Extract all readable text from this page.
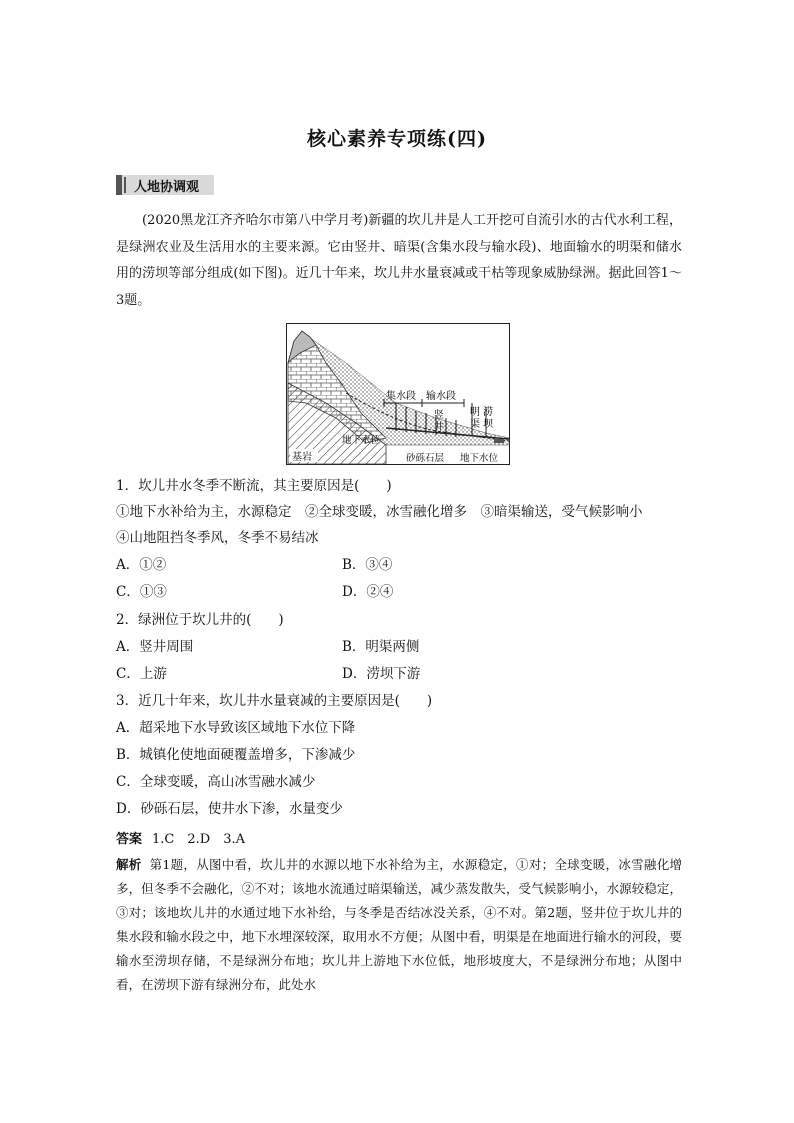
核心素养专项练(四)
人地协调观
(2020黑龙江齐齐哈尔市第八中学月考)新疆的坎儿井是人工开挖可自流引水的古代水利工程，是绿洲农业及生活用水的主要来源。它由竖井、暗渠(含集水段与输水段)、地面输水的明渠和储水用的涝坝等部分组成(如下图)。近几十年来，坎儿井水量衰减或干枯等现象威胁绿洲。据此回答1～3题。
集水段 输水段
竖
井
明
渠
涝
坝
地下水位
砂砾石层 地下水位
基岩
1．坎儿井水冬季不断流，其主要原因是(　　)
①地下水补给为主，水源稳定　②全球变暖，冰雪融化增多　③暗渠输送，受气候影响小
④山地阻挡冬季风，冬季不易结冰
A．①②	B．③④
C．①③	D．②④
2．绿洲位于坎儿井的(　　)
A．竖井周围	B．明渠两侧
C．上游	D．涝坝下游
3．近几十年来，坎儿井水量衰减的主要原因是(　　)
A．超采地下水导致该区域地下水位下降
B．城镇化使地面硬覆盖增多，下渗减少
C．全球变暖，高山冰雪融水减少
D．砂砾石层，使井水下渗，水量变少
答案 1.C　2.D　3.A
解析 第1题，从图中看，坎儿井的水源以地下水补给为主，水源稳定，①对；全球变暖，冰雪融化增多，但冬季不会融化，②不对；该地水流通过暗渠输送，减少蒸发散失，受气候影响小，水源较稳定，③对；该地坎儿井的水通过地下水补给，与冬季是否结冰没关系，④不对。第2题，竖井位于坎儿井的集水段和输水段之中，地下水埋深较深，取用水不方便；从图中看，明渠是在地面进行输水的河段，要输水至涝坝存储，不是绿洲分布地；坎儿井上游地下水位低，地形坡度大，不是绿洲分布地；从图中看，在涝坝下游有绿洲分布，此处水
